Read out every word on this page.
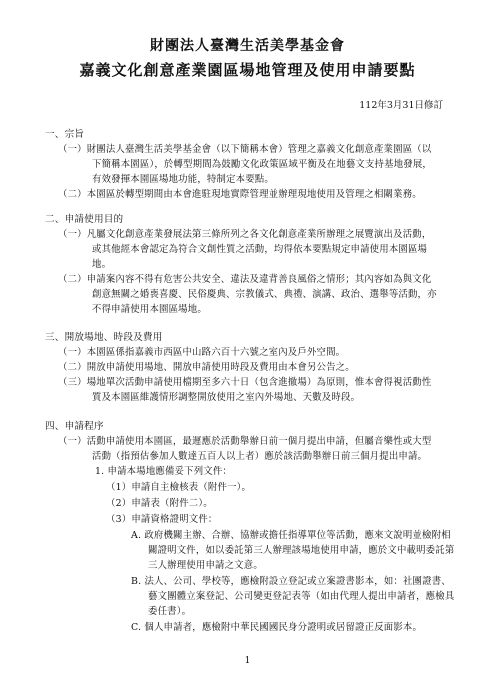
財團法人臺灣生活美學基金會
嘉義文化創意產業園區場地管理及使用申請要點
112年3月31日修訂
一、宗旨
（一）財團法人臺灣生活美學基金會（以下簡稱本會）管理之嘉義文化創意產業園區（以
下簡稱本園區），於轉型期間為鼓勵文化政策區域平衡及在地藝文支持基地發展，
有效發揮本園區場地功能，特制定本要點。
（二）本園區於轉型期間由本會進駐現地實際管理並辦理現地使用及管理之相關業務。
二、申請使用目的
（一）凡屬文化創意產業發展法第三條所列之各文化創意產業所辦理之展覽演出及活動，
或其他經本會認定為符合文創性質之活動，均得依本要點規定申請使用本園區場
地。
（二）申請案內容不得有危害公共安全、違法及違背善良風俗之情形；其內容如為與文化
創意無關之婚喪喜慶、民俗慶典、宗教儀式、典禮、演講、政治、選舉等活動，亦
不得申請使用本園區場地。
三、開放場地、時段及費用
（一）本園區係指嘉義市西區中山路六百十六號之室內及戶外空間。
（二）開放申請使用場地、開放申請使用時段及費用由本會另公告之。
（三）場地單次活動申請使用檔期至多六十日（包含進撤場）為原則，惟本會得視活動性
質及本園區維護情形調整開放使用之室內外場地、天數及時段。
四、申請程序
（一）活動申請使用本園區，最遲應於活動舉辦日前一個月提出申請，但屬音樂性或大型
活動（指預估參加人數達五百人以上者）應於該活動舉辦日前三個月提出申請。
1. 申請本場地應備妥下列文件：
（1）申請自主檢核表（附件一）。
（2）申請表（附件二）。
（3）申請資格證明文件：
A. 政府機關主辦、合辦、協辦或擔任指導單位等活動，應來文說明並檢附相
關證明文件，如以委託第三人辦理該場地使用申請，應於文中載明委託第
三人辦理使用申請之文意。
B. 法人、公司、學校等，應檢附設立登記或立案證書影本，如：社團證書、
藝文團體立案登記、公司變更登記表等（如由代理人提出申請者，應檢具
委任書）。
C. 個人申請者，應檢附中華民國國民身分證明或居留證正反面影本。
1
